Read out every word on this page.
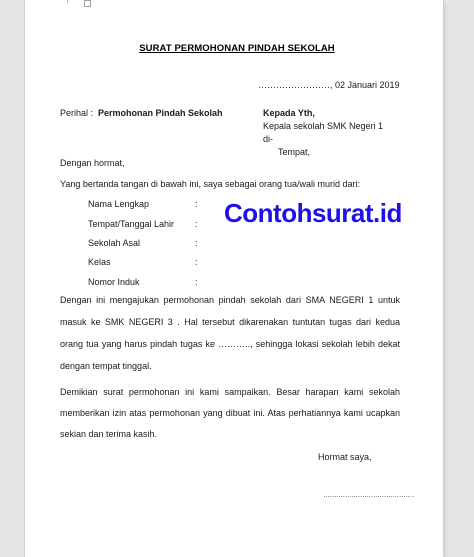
SURAT PERMOHONAN PINDAH SEKOLAH
……………………, 02 Januari 2019
Perihal : Permohonan Pindah Sekolah	Kepada Yth,
Kepala sekolah SMK Negeri 1
di-
Tempat,
Dengan hormat,
Yang bertanda tangan di bawah ini, saya sebagai orang tua/wali murid dari:
Nama Lengkap	:
Tempat/Tanggal Lahir :
Sekolah Asal	:
Kelas	:
Nomor Induk	:
Contohsurat.id
Dengan ini mengajukan permohonan pindah sekolah dari SMA NEGERI 1 untuk masuk ke SMK NEGERI 3 . Hal tersebut dikarenakan tuntutan tugas dari kedua orang tua yang harus pindah tugas ke ……….., sehingga lokasi sekolah lebih dekat dengan tempat tinggal.
Demikian surat permohonan ini kami sampaikan. Besar harapan kami sekolah memberikan izin atas permohonan yang dibuat ini. Atas perhatiannya kami ucapkan sekian dan terima kasih.
Hormat saya,
……………………………………
